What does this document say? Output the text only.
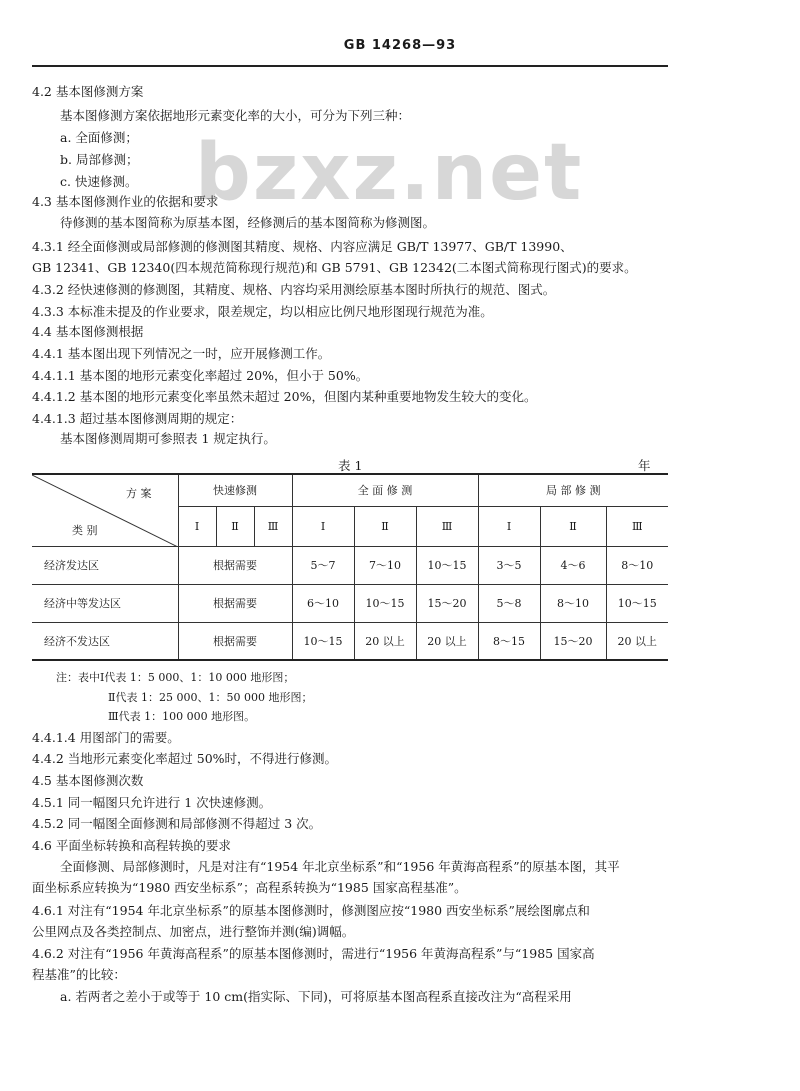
GB 14268—93
bzxz.net
4.2 基本图修测方案
基本图修测方案依据地形元素变化率的大小，可分为下列三种：
a. 全面修测；
b. 局部修测；
c. 快速修测。
4.3 基本图修测作业的依据和要求
待修测的基本图简称为原基本图，经修测后的基本图简称为修测图。
4.3.1 经全面修测或局部修测的修测图其精度、规格、内容应满足 GB/T 13977、GB/T 13990、
GB 12341、GB 12340(四本规范简称现行规范)和 GB 5791、GB 12342(二本图式简称现行图式)的要求。
4.3.2 经快速修测的修测图，其精度、规格、内容均采用测绘原基本图时所执行的规范、图式。
4.3.3 本标准未提及的作业要求，限差规定，均以相应比例尺地形图现行规范为准。
4.4 基本图修测根据
4.4.1 基本图出现下列情况之一时，应开展修测工作。
4.4.1.1 基本图的地形元素变化率超过 20%，但小于 50%。
4.4.1.2 基本图的地形元素变化率虽然未超过 20%，但图内某种重要地物发生较大的变化。
4.4.1.3 超过基本图修测周期的规定：
基本图修测周期可参照表 1 规定执行。
表 1	年
方 案
类 别	快速修测			全 面 修 测			局 部 修 测		
	Ⅰ	Ⅱ	Ⅲ	Ⅰ	Ⅱ	Ⅲ	Ⅰ	Ⅱ	Ⅲ
经济发达区	根据需要			5～7	7～10	10～15	3～5	4～6	8～10
经济中等发达区	根据需要			6～10	10～15	15～20	5～8	8～10	10～15
经济不发达区	根据需要			10～15	20 以上	20 以上	8～15	15～20	20 以上
注：表中Ⅰ代表 1：5 000、1：10 000 地形图；
Ⅱ代表 1：25 000、1：50 000 地形图；
Ⅲ代表 1：100 000 地形图。
4.4.1.4 用图部门的需要。
4.4.2 当地形元素变化率超过 50%时，不得进行修测。
4.5 基本图修测次数
4.5.1 同一幅图只允许进行 1 次快速修测。
4.5.2 同一幅图全面修测和局部修测不得超过 3 次。
4.6 平面坐标转换和高程转换的要求
全面修测、局部修测时，凡是对注有“1954 年北京坐标系”和“1956 年黄海高程系”的原基本图，其平
面坐标系应转换为“1980 西安坐标系”；高程系转换为“1985 国家高程基准”。
4.6.1 对注有“1954 年北京坐标系”的原基本图修测时，修测图应按“1980 西安坐标系”展绘图廓点和
公里网点及各类控制点、加密点，进行整饰并测(编)调幅。
4.6.2 对注有“1956 年黄海高程系”的原基本图修测时，需进行“1956 年黄海高程系”与“1985 国家高
程基准”的比较：
a. 若两者之差小于或等于 10 cm(指实际、下同)，可将原基本图高程系直接改注为“高程采用
